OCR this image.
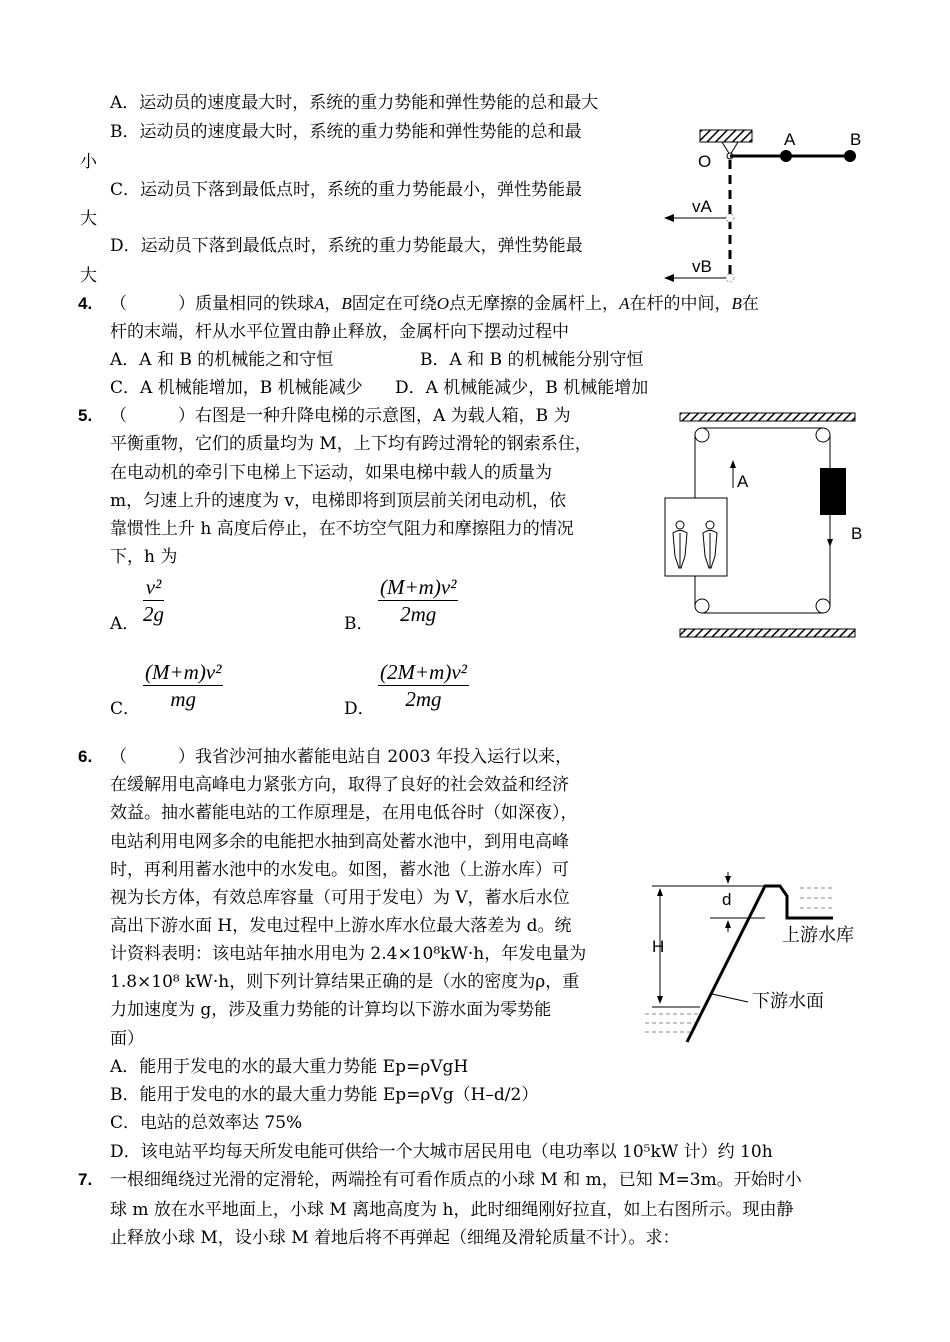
A．运动员的速度最大时，系统的重力势能和弹性势能的总和最大
B．运动员的速度最大时，系统的重力势能和弹性势能的总和最
小
C．运动员下落到最低点时，系统的重力势能最小，弹性势能最
大
D．运动员下落到最低点时，系统的重力势能最大，弹性势能最
大
A	B
O
vA
vB
4. （　　　）质量相同的铁球A，B固定在可绕O点无摩擦的金属杆上，A在杆的中间，B在
杆的末端，杆从水平位置由静止释放，金属杆向下摆动过程中
A．A 和 B 的机械能之和守恒	B．A 和 B 的机械能分别守恒
C．A 机械能增加，B 机械能减少 D．A 机械能减少，B 机械能增加
A
B
5. （　　　）右图是一种升降电梯的示意图，A 为载人箱，B 为
平衡重物，它们的质量均为 M，上下均有跨过滑轮的钢索系住，
在电动机的牵引下电梯上下运动，如果电梯中载人的质量为
m，匀速上升的速度为 v，电梯即将到顶层前关闭电动机，依
靠惯性上升 h 高度后停止，在不坊空气阻力和摩擦阻力的情况
下，h 为
A． $\frac{\text{v²}}{2g}$	B． $\frac{\text{(M+m)v²}}{2mg}$
C． $\frac{\text{(M+m)v²}}{mg}$	D． $\frac{\text{(2M+m)v²}}{2mg}$
d
H
上游水库
下游水面
6. （　　　）我省沙河抽水蓄能电站自 2003 年投入运行以来，
在缓解用电高峰电力紧张方向，取得了良好的社会效益和经济
效益。抽水蓄能电站的工作原理是，在用电低谷时（如深夜），
电站利用电网多余的电能把水抽到高处蓄水池中，到用电高峰
时，再利用蓄水池中的水发电。如图，蓄水池（上游水库）可
视为长方体，有效总库容量（可用于发电）为 V，蓄水后水位
高出下游水面 H，发电过程中上游水库水位最大落差为 d。统
计资料表明：该电站年抽水用电为 2.4×10⁸kW·h，年发电量为
1.8×10⁸ kW·h，则下列计算结果正确的是（水的密度为ρ，重
力加速度为 g，涉及重力势能的计算均以下游水面为零势能
面）
A．能用于发电的水的最大重力势能 Ep=ρVgH
B．能用于发电的水的最大重力势能 Ep=ρVg（H–d/2）
C．电站的总效率达 75%
D．该电站平均每天所发电能可供给一个大城市居民用电（电功率以 10⁵kW 计）约 10h
7. 一根细绳绕过光滑的定滑轮，两端拴有可看作质点的小球 M 和 m，已知 M=3m。开始时小
球 m 放在水平地面上，小球 M 离地高度为 h，此时细绳刚好拉直，如上右图所示。现由静
止释放小球 M，设小球 M 着地后将不再弹起（细绳及滑轮质量不计）。求：
